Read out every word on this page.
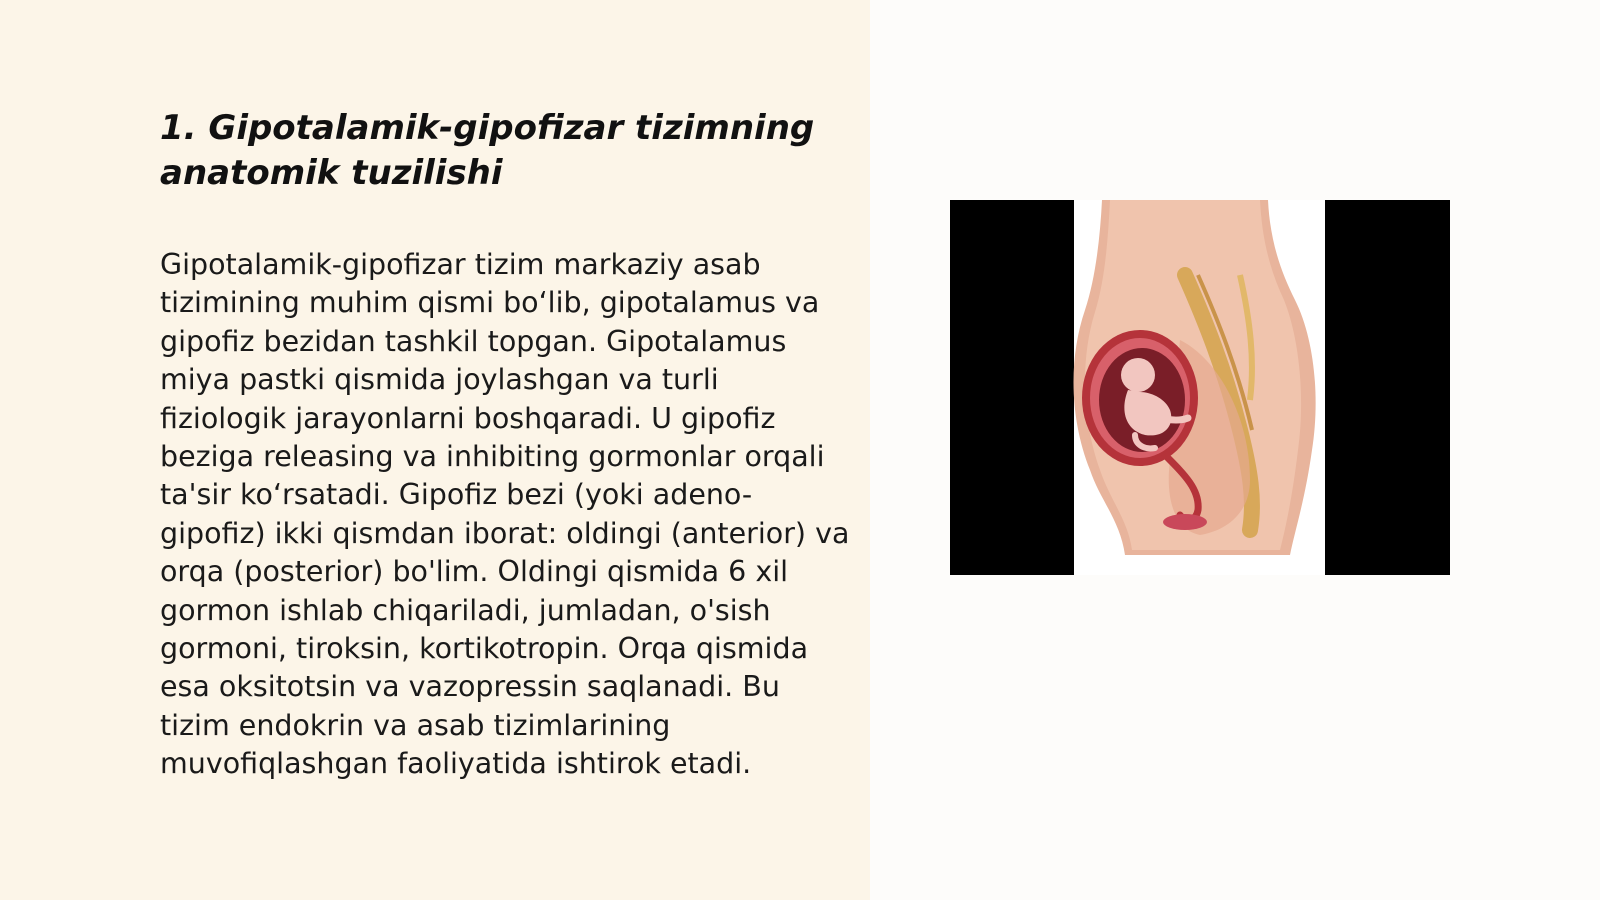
1. Gipotalamik-gipofizar tizimning anatomik tuzilishi

Gipotalamik-gipofizar tizim markaziy asab tizimining muhim qismi bo‘lib, gipotalamus va gipofiz bezidan tashkil topgan. Gipotalamus miya pastki qismida joylashgan va turli fiziologik jarayonlarni boshqaradi. U gipofiz beziga releasing va inhibiting gormonlar orqali ta'sir ko‘rsatadi. Gipofiz bezi (yoki adeno-gipofiz) ikki qismdan iborat: oldingi (anterior) va orqa (posterior) bo'lim. Oldingi qismida 6 xil gormon ishlab chiqariladi, jumladan, o'sish gormoni, tiroksin, kortikotropin. Orqa qismida esa oksitotsin va vazopressin saqlanadi. Bu tizim endokrin va asab tizimlarining muvofiqlashgan faoliyatida ishtirok etadi.
